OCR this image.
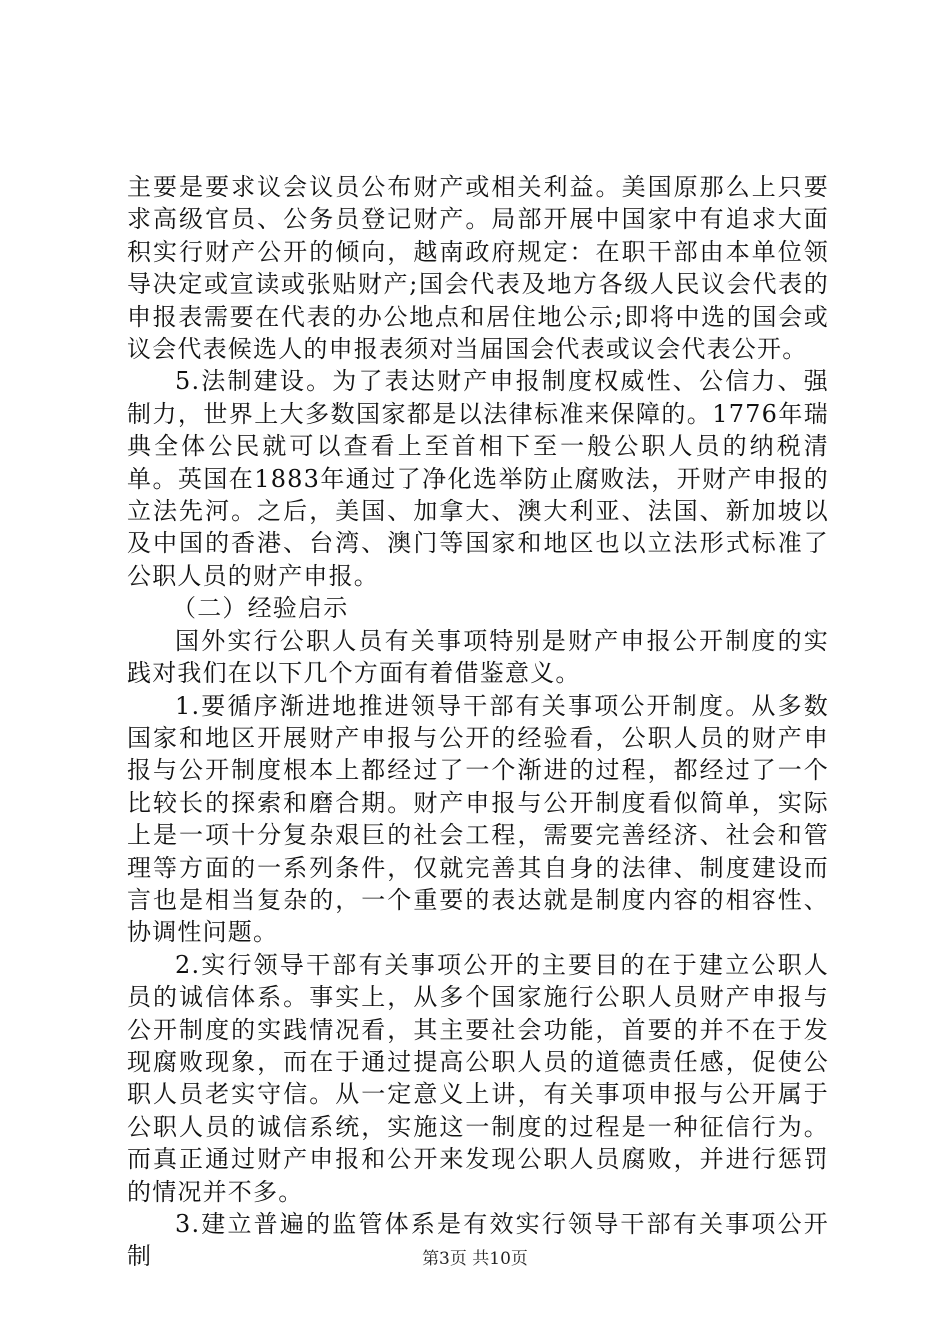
主要是要求议会议员公布财产或相关利益。美国原那么上只要求高级官员、公务员登记财产。局部开展中国家中有追求大面积实行财产公开的倾向，越南政府规定：在职干部由本单位领导决定或宣读或张贴财产;国会代表及地方各级人民议会代表的申报表需要在代表的办公地点和居住地公示;即将中选的国会或议会代表候选人的申报表须对当届国会代表或议会代表公开。

5.法制建设。为了表达财产申报制度权威性、公信力、强制力，世界上大多数国家都是以法律标准来保障的。1776年瑞典全体公民就可以查看上至首相下至一般公职人员的纳税清单。英国在1883年通过了净化选举防止腐败法，开财产申报的立法先河。之后，美国、加拿大、澳大利亚、法国、新加坡以及中国的香港、台湾、澳门等国家和地区也以立法形式标准了公职人员的财产申报。

（二）经验启示

国外实行公职人员有关事项特别是财产申报公开制度的实践对我们在以下几个方面有着借鉴意义。

1.要循序渐进地推进领导干部有关事项公开制度。从多数国家和地区开展财产申报与公开的经验看，公职人员的财产申报与公开制度根本上都经过了一个渐进的过程，都经过了一个比较长的探索和磨合期。财产申报与公开制度看似简单，实际上是一项十分复杂艰巨的社会工程，需要完善经济、社会和管理等方面的一系列条件，仅就完善其自身的法律、制度建设而言也是相当复杂的，一个重要的表达就是制度内容的相容性、协调性问题。

2.实行领导干部有关事项公开的主要目的在于建立公职人员的诚信体系。事实上，从多个国家施行公职人员财产申报与公开制度的实践情况看，其主要社会功能，首要的并不在于发现腐败现象，而在于通过提高公职人员的道德责任感，促使公职人员老实守信。从一定意义上讲，有关事项申报与公开属于公职人员的诚信系统，实施这一制度的过程是一种征信行为。而真正通过财产申报和公开来发现公职人员腐败，并进行惩罚的情况并不多。

3.建立普遍的监管体系是有效实行领导干部有关事项公开制	第3页 共10页
